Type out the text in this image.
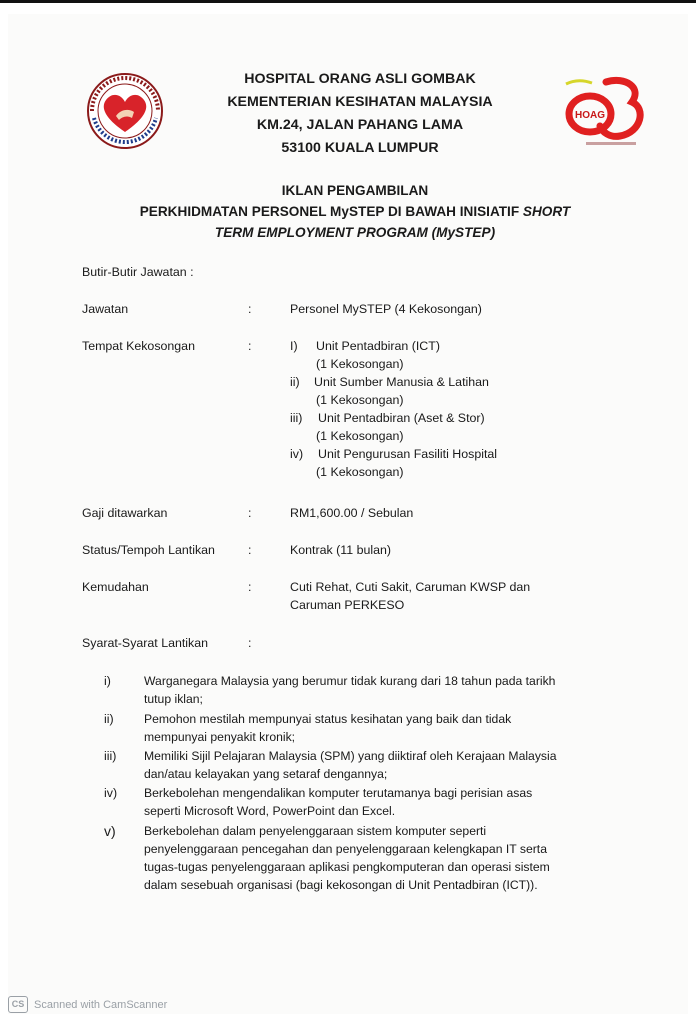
HOAG
HOSPITAL ORANG ASLI GOMBAK
KEMENTERIAN KESIHATAN MALAYSIA
KM.24, JALAN PAHANG LAMA
53100 KUALA LUMPUR
IKLAN PENGAMBILAN
PERKHIDMATAN PERSONEL MySTEP DI BAWAH INISIATIF SHORT
TERM EMPLOYMENT PROGRAM (MySTEP)
Butir-Butir Jawatan :
Jawatan	:	Personel MySTEP (4 Kekosongan)
Tempat Kekosongan	:	I) Unit Pentadbiran (ICT)
(1 Kekosongan)
ii) Unit Sumber Manusia & Latihan
(1 Kekosongan)
iii) Unit Pentadbiran (Aset & Stor)
(1 Kekosongan)
iv) Unit Pengurusan Fasiliti Hospital
(1 Kekosongan)
Gaji ditawarkan	:	RM1,600.00 / Sebulan
Status/Tempoh Lantikan	:	Kontrak (11 bulan)
Kemudahan	:	Cuti Rehat, Cuti Sakit, Caruman KWSP dan
Caruman PERKESO
Syarat-Syarat Lantikan	:
i)	Warganegara Malaysia yang berumur tidak kurang dari 18 tahun pada tarikh
tutup iklan;
ii) Pemohon mestilah mempunyai status kesihatan yang baik dan tidak
mempunyai penyakit kronik;
iii) Memiliki Sijil Pelajaran Malaysia (SPM) yang diiktiraf oleh Kerajaan Malaysia
dan/atau kelayakan yang setaraf dengannya;
iv) Berkebolehan mengendalikan komputer terutamanya bagi perisian asas
seperti Microsoft Word, PowerPoint dan Excel.
v) Berkebolehan dalam penyelenggaraan sistem komputer seperti
penyelenggaraan pencegahan dan penyelenggaraan kelengkapan IT serta
tugas-tugas penyelenggaraan aplikasi pengkomputeran dan operasi sistem
dalam sesebuah organisasi (bagi kekosongan di Unit Pentadbiran (ICT)).
CS Scanned with CamScanner
